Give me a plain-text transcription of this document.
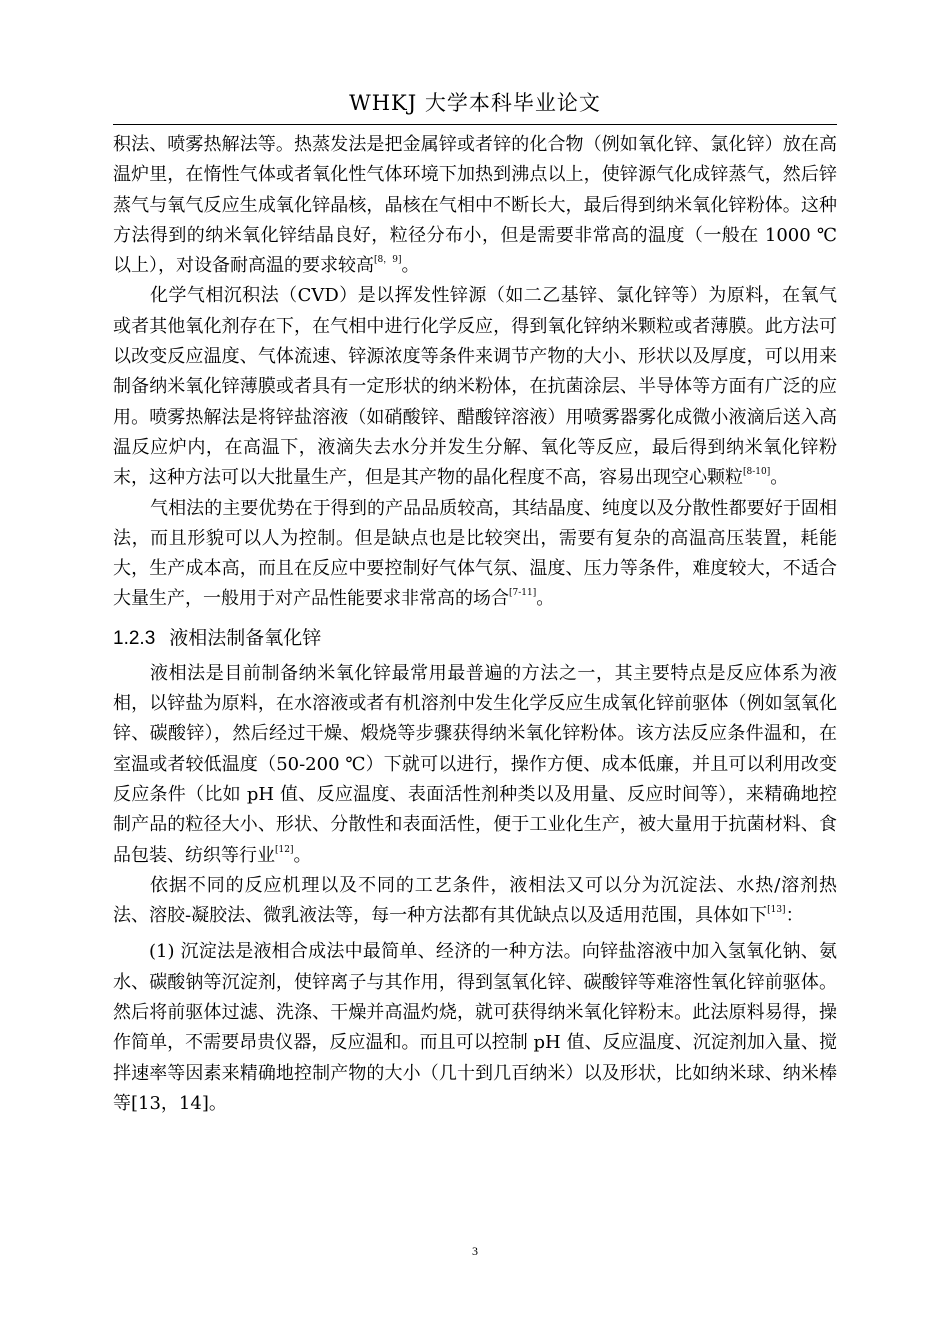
WHKJ 大学本科毕业论文

积法、喷雾热解法等。热蒸发法是把金属锌或者锌的化合物（例如氧化锌、氯化锌）放在高温炉里，在惰性气体或者氧化性气体环境下加热到沸点以上，使锌源气化成锌蒸气，然后锌蒸气与氧气反应生成氧化锌晶核，晶核在气相中不断长大，最后得到纳米氧化锌粉体。这种方法得到的纳米氧化锌结晶良好，粒径分布小，但是需要非常高的温度（一般在 1000 ℃以上），对设备耐高温的要求较高[8，9]。

化学气相沉积法（CVD）是以挥发性锌源（如二乙基锌、氯化锌等）为原料，在氧气或者其他氧化剂存在下，在气相中进行化学反应，得到氧化锌纳米颗粒或者薄膜。此方法可以改变反应温度、气体流速、锌源浓度等条件来调节产物的大小、形状以及厚度，可以用来制备纳米氧化锌薄膜或者具有一定形状的纳米粉体，在抗菌涂层、半导体等方面有广泛的应用。喷雾热解法是将锌盐溶液（如硝酸锌、醋酸锌溶液）用喷雾器雾化成微小液滴后送入高温反应炉内，在高温下，液滴失去水分并发生分解、氧化等反应，最后得到纳米氧化锌粉末，这种方法可以大批量生产，但是其产物的晶化程度不高，容易出现空心颗粒[8-10]。

气相法的主要优势在于得到的产品品质较高，其结晶度、纯度以及分散性都要好于固相法，而且形貌可以人为控制。但是缺点也是比较突出，需要有复杂的高温高压装置，耗能大，生产成本高，而且在反应中要控制好气体气氛、温度、压力等条件，难度较大，不适合大量生产，一般用于对产品性能要求非常高的场合[7-11]。

1.2.3 液相法制备氧化锌

液相法是目前制备纳米氧化锌最常用最普遍的方法之一，其主要特点是反应体系为液相，以锌盐为原料，在水溶液或者有机溶剂中发生化学反应生成氧化锌前驱体（例如氢氧化锌、碳酸锌），然后经过干燥、煅烧等步骤获得纳米氧化锌粉体。该方法反应条件温和，在室温或者较低温度（50-200 ℃）下就可以进行，操作方便、成本低廉，并且可以利用改变反应条件（比如 pH 值、反应温度、表面活性剂种类以及用量、反应时间等），来精确地控制产品的粒径大小、形状、分散性和表面活性，便于工业化生产，被大量用于抗菌材料、食品包装、纺织等行业[12]。

依据不同的反应机理以及不同的工艺条件，液相法又可以分为沉淀法、水热/溶剂热法、溶胶-凝胶法、微乳液法等，每一种方法都有其优缺点以及适用范围，具体如下[13]：

(1) 沉淀法是液相合成法中最简单、经济的一种方法。向锌盐溶液中加入氢氧化钠、氨水、碳酸钠等沉淀剂，使锌离子与其作用，得到氢氧化锌、碳酸锌等难溶性氧化锌前驱体。然后将前驱体过滤、洗涤、干燥并高温灼烧，就可获得纳米氧化锌粉末。此法原料易得，操作简单，不需要昂贵仪器，反应温和。而且可以控制 pH 值、反应温度、沉淀剂加入量、搅拌速率等因素来精确地控制产物的大小（几十到几百纳米）以及形状，比如纳米球、纳米棒等[13，14]。

3
